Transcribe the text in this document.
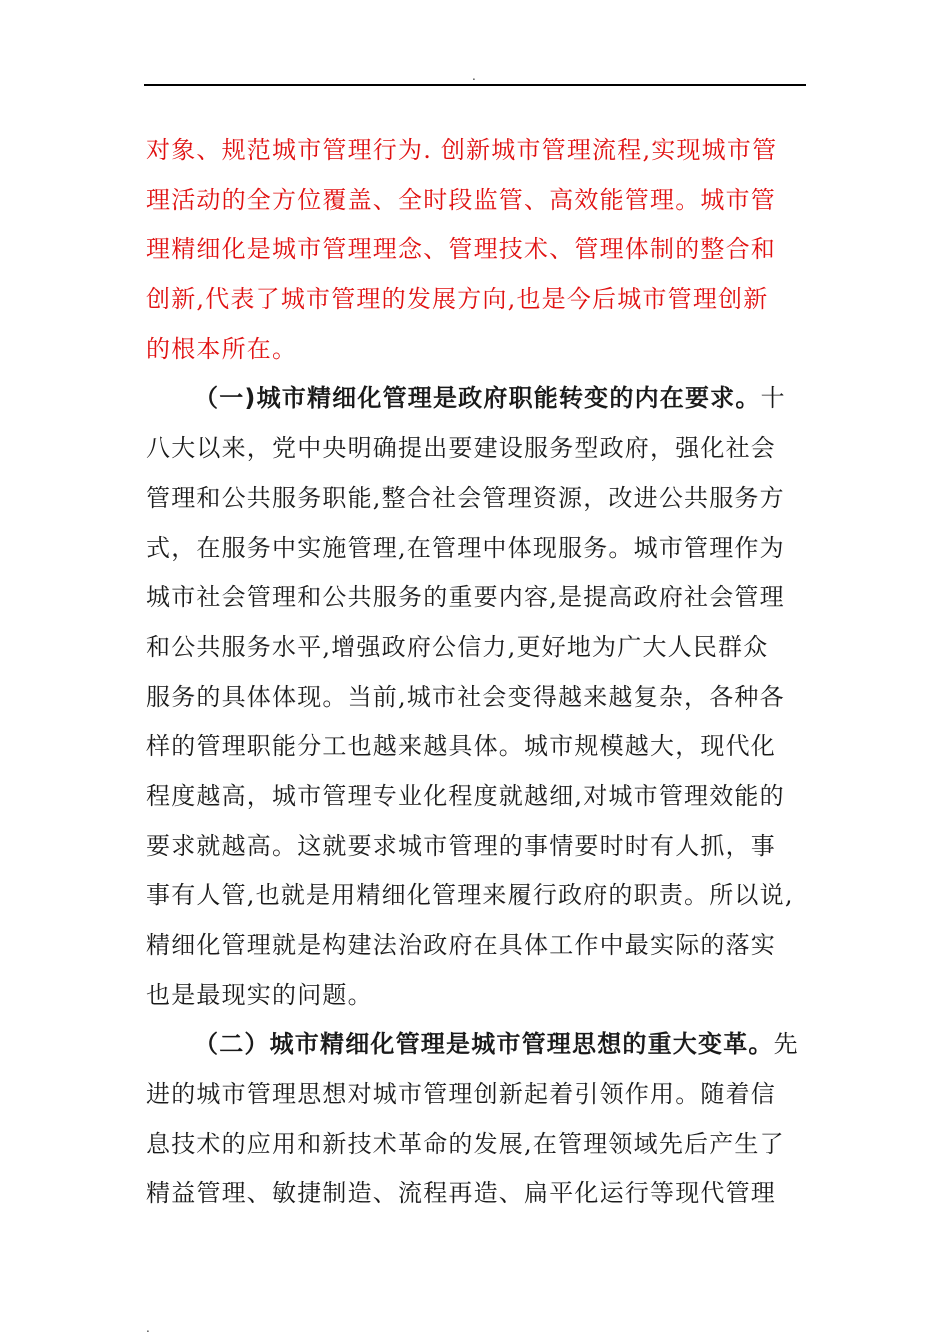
.
对象、规范城市管理行为. 创新城市管理流程,实现城市管
理活动的全方位覆盖、全时段监管、高效能管理。城市管
理精细化是城市管理理念、管理技术、管理体制的整合和
创新,代表了城市管理的发展方向,也是今后城市管理创新
的根本所在。
（一)城市精细化管理是政府职能转变的内在要求。十
八大以来，党中央明确提出要建设服务型政府，强化社会
管理和公共服务职能,整合社会管理资源，改进公共服务方
式，在服务中实施管理,在管理中体现服务。城市管理作为
城市社会管理和公共服务的重要内容,是提高政府社会管理
和公共服务水平,增强政府公信力,更好地为广大人民群众
服务的具体体现。当前,城市社会变得越来越复杂，各种各
样的管理职能分工也越来越具体。城市规模越大，现代化
程度越高，城市管理专业化程度就越细,对城市管理效能的
要求就越高。这就要求城市管理的事情要时时有人抓，事
事有人管,也就是用精细化管理来履行政府的职责。所以说,
精细化管理就是构建法治政府在具体工作中最实际的落实
也是最现实的问题。
（二）城市精细化管理是城市管理思想的重大变革。先
进的城市管理思想对城市管理创新起着引领作用。随着信
息技术的应用和新技术革命的发展,在管理领域先后产生了
精益管理、敏捷制造、流程再造、扁平化运行等现代管理
.
